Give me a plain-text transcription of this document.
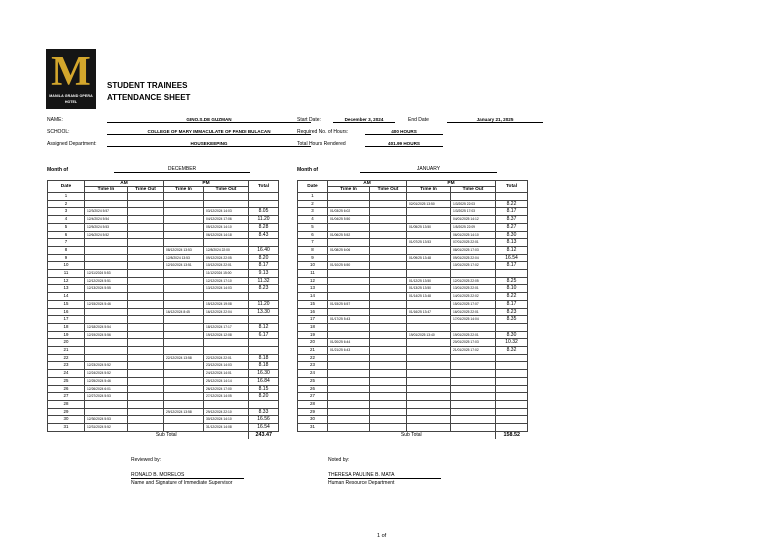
M
MANILA GRAND OPERA
HOTEL
STUDENT TRAINEES
ATTENDANCE SHEET
NAME:	GINO.S.DE GUZMAN
SCHOOL:	COLLEGE OF MARY IMMACULATE OF PANDI BULACAN
Assigned Department:	HOUSEKEEPING
Start Date:	December 3, 2024	End Date	January 21, 2025
Required No. of Hours:	400 HOURS
Total Hours Rendered	401.99 HOURS
Month of	DECEMBER	Month of	JANUARY
Date	AM		PM		Total
	Time In	Time Out	Time In	Time Out	
1					
2					
3	12/3/2024 5:57			03/12/2024 14:03	8.05
4	12/4/2024 5:54			04/12/2024 17:06	11.20
5	12/5/2024 5:53			05/12/2024 14:10	8.28
6	12/6/2024 5:52			06/12/2024 14:18	8.43
7					
8			08/12/2024 13:53	12/8/2024 22:00	16.40
9			12/8/2024 13:53	09/12/2024 22:05	8.20
10			12/10/2024 13:51	10/12/2024 22:01	8.17
11	12/11/2024 5:53			11/12/2024 15:00	9.13
12	12/12/2024 5:51			12/12/2024 17:10	11.32
13	12/13/2024 5:55			13/12/2024 14:03	8.23
14					
15	12/15/2024 5:46			15/12/2024 19:08	11.20
16			16/12/2024 8:45	16/12/2024 22:04	13.30
17					
18	12/18/2024 5:54			18/12/2024 17:17	8.12
19	12/19/2024 5:56			19/12/2024 12:08	6.17
20					
21					
22			22/12/2024 13:58	22/12/2024 22:01	8.18
23	12/23/2024 5:52			23/12/2024 14:03	8.18
24	12/24/2024 5:52			24/12/2024 14:01	16.30
25	12/25/2024 5:46			25/12/2024 14:14	16.84
26	12/26/2024 6:01			26/12/2024 17:00	8.15
27	12/27/2024 5:53			27/12/2024 14:05	8.20
28					
29			29/12/2024 13:58	29/12/2024 22:10	8.33
30	12/30/2024 5:53			30/12/2024 14:10	16.56
31	12/31/2024 5:52			31/12/2024 14:08	16.54
	Sub Total				243.47
Date	AM		PM		Total
	Time In	Time Out	Time In	Time Out	
1					
2			02/01/2025 13:50	1/3/2025 22:03	8.22
3	01/03/25 6:02			1/3/2025 17:03	8.17
4	01/04/25 5:50			04/01/2025 14:12	8.37
5			01/05/25 13:50	1/5/2025 22:09	8.27
6	01/06/25 5:52			06/01/2025 14:10	8.30
7			01/07/25 13:53	07/01/2025 22:01	8.13
8	01/08/25 6:06			08/01/2025 17:03	8.12
9			01/09/25 13:48	09/01/2025 22:04	16.54
10	01/10/25 6:50			10/01/2025 17:02	8.17
11					
12			01/12/25 13:50	12/01/2025 22:05	8.25
13			01/13/25 13:50	13/01/2025 22:01	8.10
14			01/14/25 13:48	14/01/2025 22:02	8.22
15	01/15/25 6:57			15/01/2025 17:07	8.17
16			01/16/25 13:47	16/01/2025 22:01	8.23
17	01/17/25 5:43			17/01/2025 14:04	8.35
18					
19			19/01/2025 13:40	19/01/2025 22:01	8.30
20	01/20/25 6:44			20/01/2025 17:03	10.32
21	01/21/25 6:43			21/01/2025 17:02	8.32
22					
23					
24					
25					
26					
27					
28					
29					
30					
31					
	Sub Total				158.52
Reviewed by:
RONALD B. MORELOS
Name and Signature of Immediate Supervisor
Noted by:
THERESA PAULINE B. MATA
Human Resource Department
1 of
